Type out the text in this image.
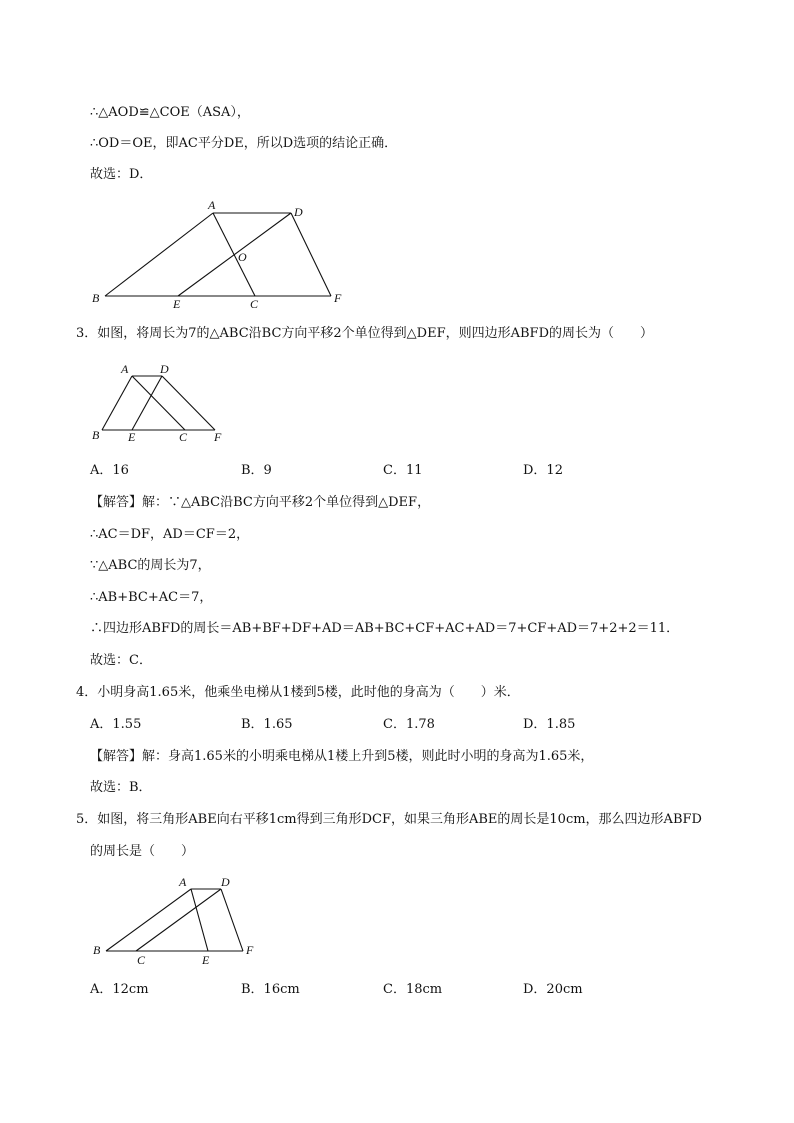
∴△AOD≌△COE（ASA），
∴OD＝OE，即AC平分DE，所以D选项的结论正确．
故选：D．
A	D
O
B	E	C	F
3．如图，将周长为7的△ABC沿BC方向平移2个单位得到△DEF，则四边形ABFD的周长为（　　）
A	D
B E	C F
A．16	B．9	C．11	D．12
【解答】解：∵△ABC沿BC方向平移2个单位得到△DEF，
∴AC＝DF，AD＝CF＝2，
∵△ABC的周长为7，
∴AB+BC+AC＝7，
∴四边形ABFD的周长＝AB+BF+DF+AD＝AB+BC+CF+AC+AD＝7+CF+AD＝7+2+2＝11．
故选：C．
4．小明身高1.65米，他乘坐电梯从1楼到5楼，此时他的身高为（　　）米．
A．1.55	B．1.65	C．1.78	D．1.85
【解答】解：身高1.65米的小明乘电梯从1楼上升到5楼，则此时小明的身高为1.65米，
故选：B．
5．如图，将三角形ABE向右平移1cm得到三角形DCF，如果三角形ABE的周长是10cm，那么四边形ABFD
的周长是（　　）
A	D
B
C	E
F
A．12cm	B．16cm	C．18cm	D．20cm
